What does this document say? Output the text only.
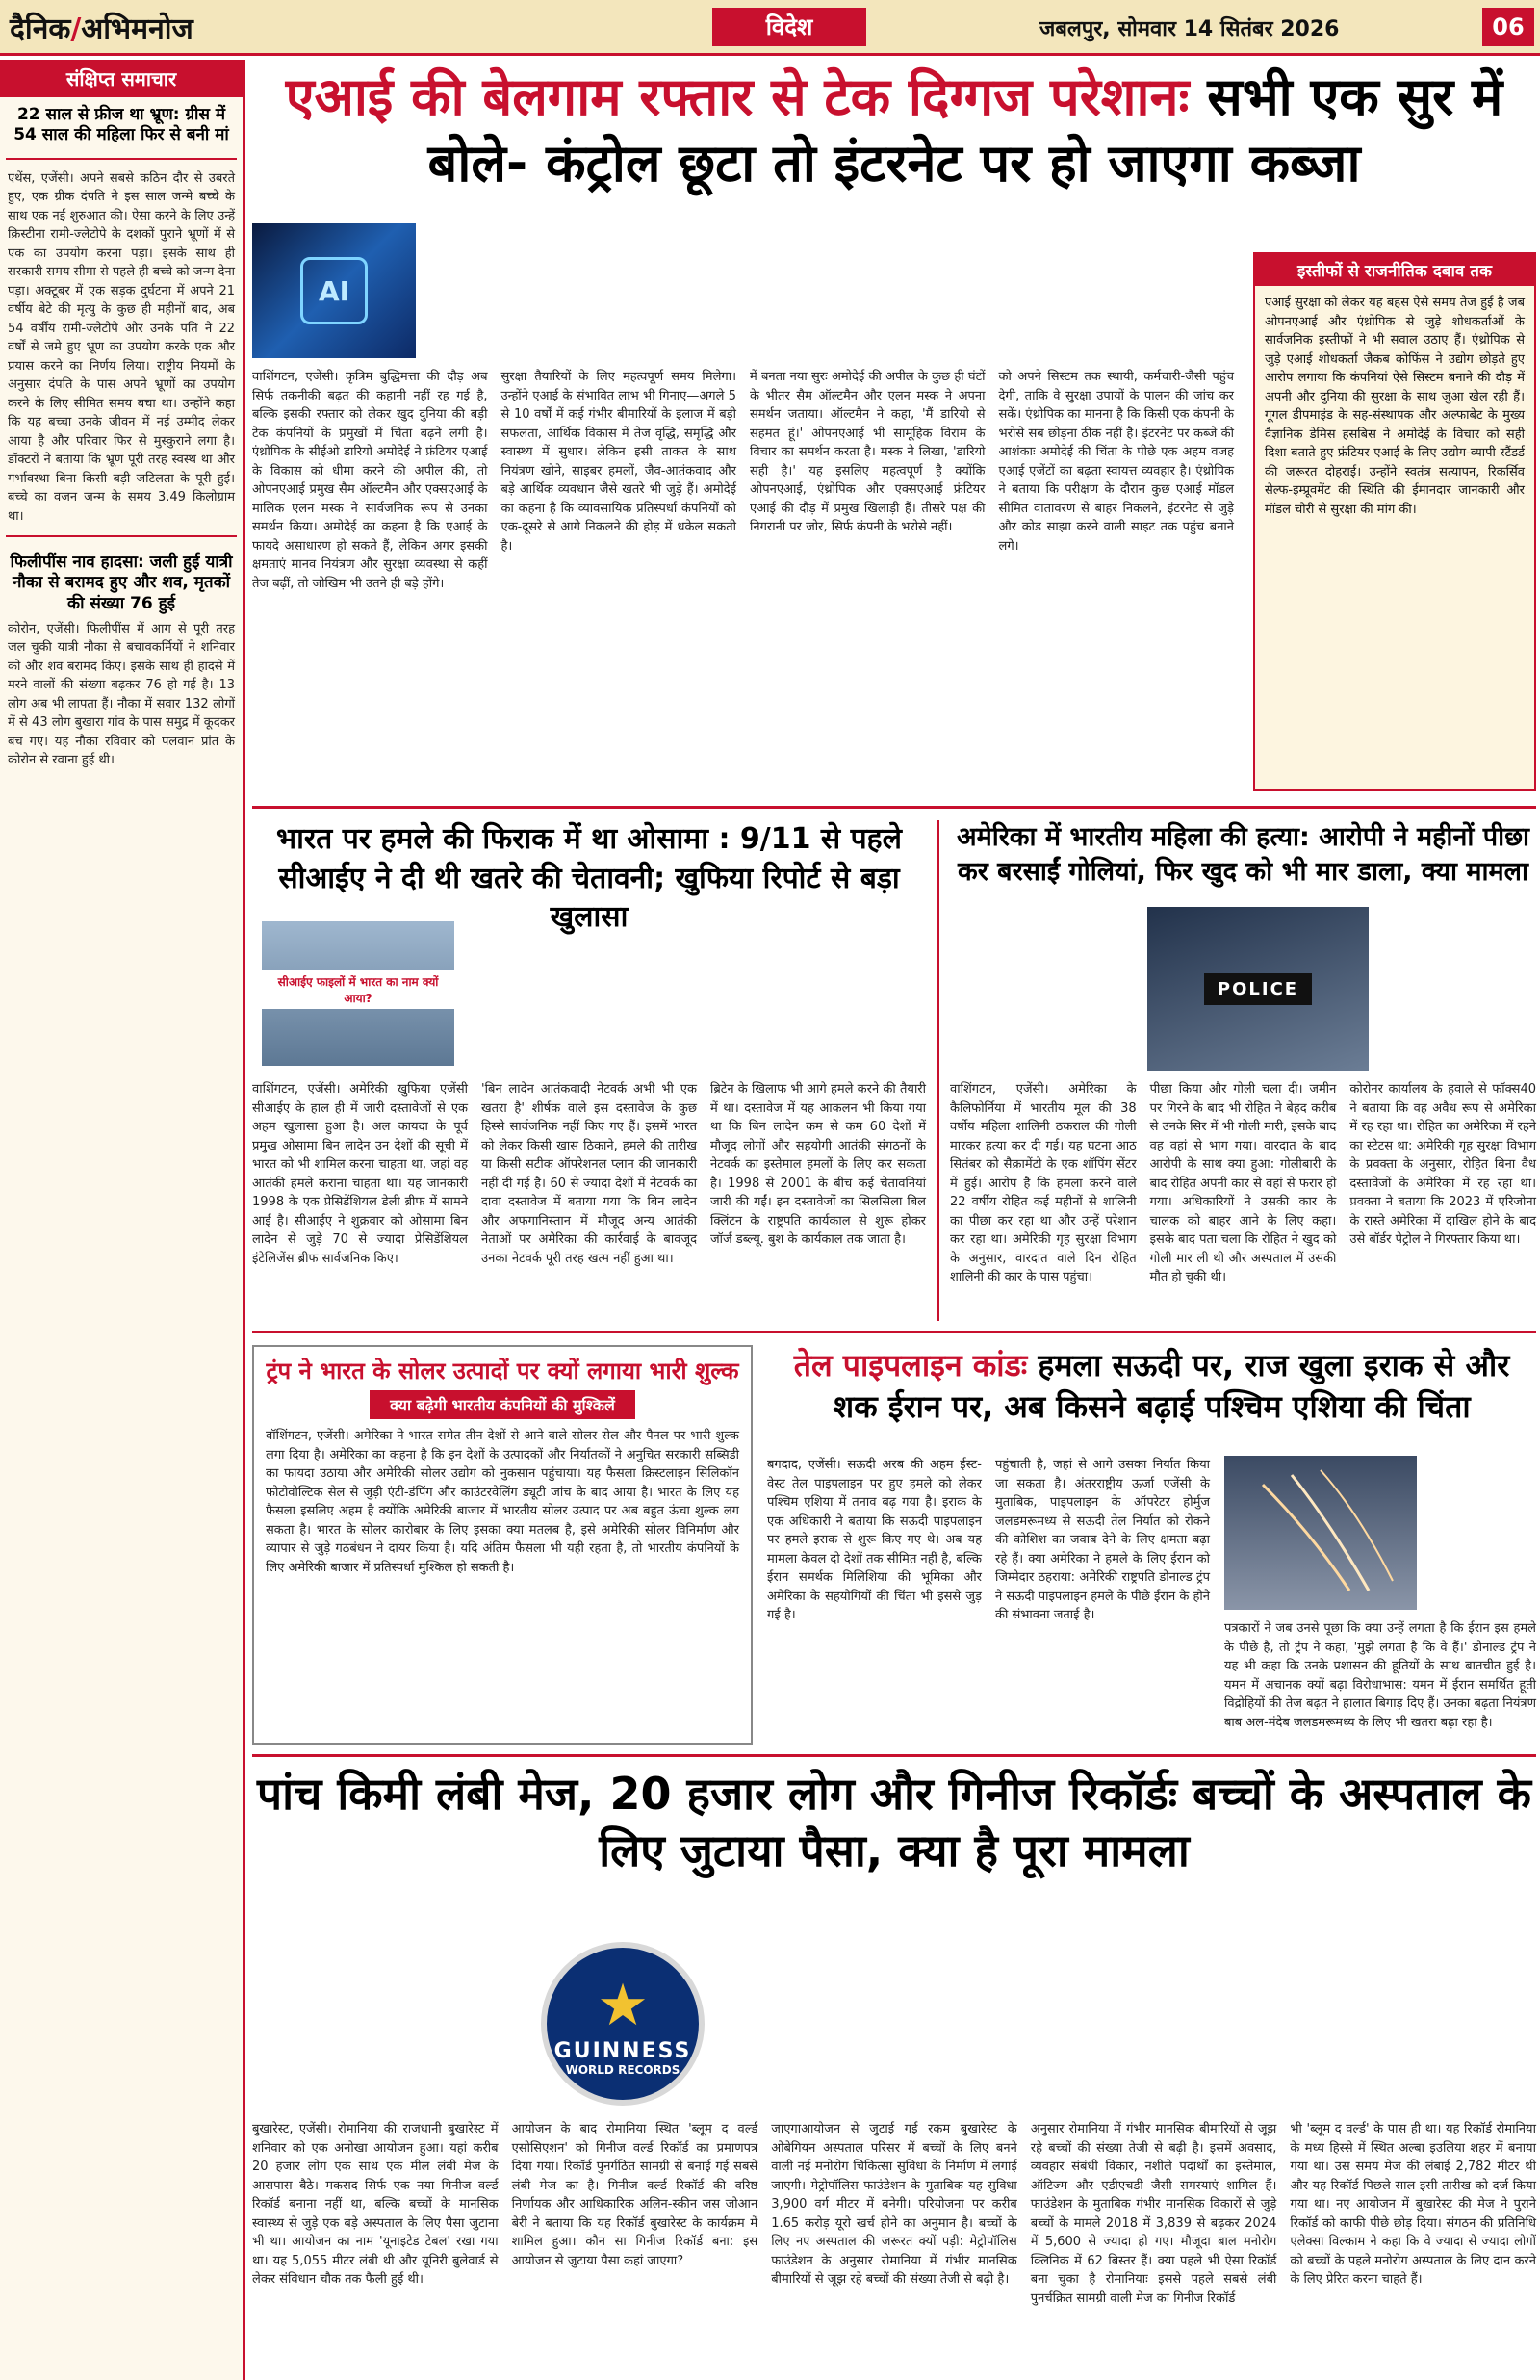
दैनिक/अभिमनोज	विदेश	जबलपुर, सोमवार 14 सितंबर 2026	06
संक्षिप्त समाचार
22 साल से फ्रीज था भ्रूण: ग्रीस में 54 साल की महिला फिर से बनी मां
एथेंस, एजेंसी। अपने सबसे कठिन दौर से उबरते हुए, एक ग्रीक दंपति ने इस साल जन्मे बच्चे के साथ एक नई शुरुआत की। ऐसा करने के लिए उन्हें क्रिस्टीना रामी-ज्लेटोपे के दशकों पुराने भ्रूणों में से एक का उपयोग करना पड़ा। इसके साथ ही सरकारी समय सीमा से पहले ही बच्चे को जन्म देना पड़ा। अक्टूबर में एक सड़क दुर्घटना में अपने 21 वर्षीय बेटे की मृत्यु के कुछ ही महीनों बाद, अब 54 वर्षीय रामी-ज्लेटोपे और उनके पति ने 22 वर्षों से जमे हुए भ्रूण का उपयोग करके एक और प्रयास करने का निर्णय लिया। राष्ट्रीय नियमों के अनुसार दंपति के पास अपने भ्रूणों का उपयोग करने के लिए सीमित समय बचा था। उन्होंने कहा कि यह बच्चा उनके जीवन में नई उम्मीद लेकर आया है और परिवार फिर से मुस्कुराने लगा है। डॉक्टरों ने बताया कि भ्रूण पूरी तरह स्वस्थ था और गर्भावस्था बिना किसी बड़ी जटिलता के पूरी हुई। बच्चे का वजन जन्म के समय 3.49 किलोग्राम था।
फिलीपींस नाव हादसा: जली हुई यात्री नौका से बरामद हुए और शव, मृतकों की संख्या 76 हुई
कोरोन, एजेंसी। फिलीपींस में आग से पूरी तरह जल चुकी यात्री नौका से बचावकर्मियों ने शनिवार को और शव बरामद किए। इसके साथ ही हादसे में मरने वालों की संख्या बढ़कर 76 हो गई है। 13 लोग अब भी लापता हैं। नौका में सवार 132 लोगों में से 43 लोग बुखारा गांव के पास समुद्र में कूदकर बच गए। यह नौका रविवार को पलवान प्रांत के कोरोन से रवाना हुई थी।
एआई की बेलगाम रफ्तार से टेक दिग्गज परेशानः सभी एक सुर में बोले- कंट्रोल छूटा तो इंटरनेट पर हो जाएगा कब्जा
AI
वाशिंगटन, एजेंसी। कृत्रिम बुद्धिमत्ता की दौड़ अब सिर्फ तकनीकी बढ़त की कहानी नहीं रह गई है, बल्कि इसकी रफ्तार को लेकर खुद दुनिया की बड़ी टेक कंपनियों के प्रमुखों में चिंता बढ़ने लगी है। एंथ्रोपिक के सीईओ डारियो अमोदेई ने फ्रंटियर एआई के विकास को धीमा करने की अपील की, तो ओपनएआई प्रमुख सैम ऑल्टमैन और एक्सएआई के मालिक एलन मस्क ने सार्वजनिक रूप से उनका समर्थन किया। अमोदेई का कहना है कि एआई के फायदे असाधारण हो सकते हैं, लेकिन अगर इसकी क्षमताएं मानव नियंत्रण और सुरक्षा व्यवस्था से कहीं तेज बढ़ीं, तो जोखिम भी उतने ही बड़े होंगे।
सुरक्षा तैयारियों के लिए महत्वपूर्ण समय मिलेगा। उन्होंने एआई के संभावित लाभ भी गिनाए—अगले 5 से 10 वर्षों में कई गंभीर बीमारियों के इलाज में बड़ी सफलता, आर्थिक विकास में तेज वृद्धि, समृद्धि और स्वास्थ्य में सुधार। लेकिन इसी ताकत के साथ नियंत्रण खोने, साइबर हमलों, जैव-आतंकवाद और बड़े आर्थिक व्यवधान जैसे खतरे भी जुड़े हैं। अमोदेई का कहना है कि व्यावसायिक प्रतिस्पर्धा कंपनियों को एक-दूसरे से आगे निकलने की होड़ में धकेल सकती है।
में बनता नया सुरः अमोदेई की अपील के कुछ ही घंटों के भीतर सैम ऑल्टमैन और एलन मस्क ने अपना समर्थन जताया। ऑल्टमैन ने कहा, 'मैं डारियो से सहमत हूं।' ओपनएआई भी सामूहिक विराम के विचार का समर्थन करता है। मस्क ने लिखा, 'डारियो सही है।' यह इसलिए महत्वपूर्ण है क्योंकि ओपनएआई, एंथ्रोपिक और एक्सएआई फ्रंटियर एआई की दौड़ में प्रमुख खिलाड़ी हैं। तीसरे पक्ष की निगरानी पर जोर, सिर्फ कंपनी के भरोसे नहीं।
को अपने सिस्टम तक स्थायी, कर्मचारी-जैसी पहुंच देगी, ताकि वे सुरक्षा उपायों के पालन की जांच कर सकें। एंथ्रोपिक का मानना है कि किसी एक कंपनी के भरोसे सब छोड़ना ठीक नहीं है। इंटरनेट पर कब्जे की आशंकाः अमोदेई की चिंता के पीछे एक अहम वजह एआई एजेंटों का बढ़ता स्वायत्त व्यवहार है। एंथ्रोपिक ने बताया कि परीक्षण के दौरान कुछ एआई मॉडल सीमित वातावरण से बाहर निकलने, इंटरनेट से जुड़े और कोड साझा करने वाली साइट तक पहुंच बनाने लगे।
इस्तीफों से राजनीतिक दबाव तक
एआई सुरक्षा को लेकर यह बहस ऐसे समय तेज हुई है जब ओपनएआई और एंथ्रोपिक से जुड़े शोधकर्ताओं के सार्वजनिक इस्तीफों ने भी सवाल उठाए हैं। एंथ्रोपिक से जुड़े एआई शोधकर्ता जैकब कोफिंस ने उद्योग छोड़ते हुए आरोप लगाया कि कंपनियां ऐसे सिस्टम बनाने की दौड़ में अपनी और दुनिया की सुरक्षा के साथ जुआ खेल रही हैं। गूगल डीपमाइंड के सह-संस्थापक और अल्फाबेट के मुख्य वैज्ञानिक डेमिस हसबिस ने अमोदेई के विचार को सही दिशा बताते हुए फ्रंटियर एआई के लिए उद्योग-व्यापी स्टैंडर्ड की जरूरत दोहराई। उन्होंने स्वतंत्र सत्यापन, रिकर्सिव सेल्फ-इम्प्रूवमेंट की स्थिति की ईमानदार जानकारी और मॉडल चोरी से सुरक्षा की मांग की।
भारत पर हमले की फिराक में था ओसामा : 9/11 से पहले सीआईए ने दी थी खतरे की चेतावनी; खुफिया रिपोर्ट से बड़ा खुलासा
सीआईए फाइलों में भारत का नाम क्यों आया?
वाशिंगटन, एजेंसी। अमेरिकी खुफिया एजेंसी सीआईए के हाल ही में जारी दस्तावेजों से एक अहम खुलासा हुआ है। अल कायदा के पूर्व प्रमुख ओसामा बिन लादेन उन देशों की सूची में भारत को भी शामिल करना चाहता था, जहां वह आतंकी हमले कराना चाहता था। यह जानकारी 1998 के एक प्रेसिडेंशियल डेली ब्रीफ में सामने आई है। सीआईए ने शुक्रवार को ओसामा बिन लादेन से जुड़े 70 से ज्यादा प्रेसिडेंशियल इंटेलिजेंस ब्रीफ सार्वजनिक किए।
'बिन लादेन आतंकवादी नेटवर्क अभी भी एक खतरा है' शीर्षक वाले इस दस्तावेज के कुछ हिस्से सार्वजनिक नहीं किए गए हैं। इसमें भारत को लेकर किसी खास ठिकाने, हमले की तारीख या किसी सटीक ऑपरेशनल प्लान की जानकारी नहीं दी गई है। 60 से ज्यादा देशों में नेटवर्क का दावा दस्तावेज में बताया गया कि बिन लादेन और अफगानिस्तान में मौजूद अन्य आतंकी नेताओं पर अमेरिका की कार्रवाई के बावजूद उनका नेटवर्क पूरी तरह खत्म नहीं हुआ था।
ब्रिटेन के खिलाफ भी आगे हमले करने की तैयारी में था। दस्तावेज में यह आकलन भी किया गया था कि बिन लादेन कम से कम 60 देशों में मौजूद लोगों और सहयोगी आतंकी संगठनों के नेटवर्क का इस्तेमाल हमलों के लिए कर सकता है। 1998 से 2001 के बीच कई चेतावनियां जारी की गईं। इन दस्तावेजों का सिलसिला बिल क्लिंटन के राष्ट्रपति कार्यकाल से शुरू होकर जॉर्ज डब्ल्यू. बुश के कार्यकाल तक जाता है।
अमेरिका में भारतीय महिला की हत्या: आरोपी ने महीनों पीछा कर बरसाईं गोलियां, फिर खुद को भी मार डाला, क्या मामला
POLICE
वाशिंगटन, एजेंसी। अमेरिका के कैलिफोर्निया में भारतीय मूल की 38 वर्षीय महिला शालिनी ठकराल की गोली मारकर हत्या कर दी गई। यह घटना आठ सितंबर को सैक्रामेंटो के एक शॉपिंग सेंटर में हुई। आरोप है कि हमला करने वाले 22 वर्षीय रोहित कई महीनों से शालिनी का पीछा कर रहा था और उन्हें परेशान कर रहा था। अमेरिकी गृह सुरक्षा विभाग के अनुसार, वारदात वाले दिन रोहित शालिनी की कार के पास पहुंचा।
पीछा किया और गोली चला दी। जमीन पर गिरने के बाद भी रोहित ने बेहद करीब से उनके सिर में भी गोली मारी, इसके बाद वह वहां से भाग गया। वारदात के बाद आरोपी के साथ क्या हुआ: गोलीबारी के बाद रोहित अपनी कार से वहां से फरार हो गया। अधिकारियों ने उसकी कार के चालक को बाहर आने के लिए कहा। इसके बाद पता चला कि रोहित ने खुद को गोली मार ली थी और अस्पताल में उसकी मौत हो चुकी थी।
कोरोनर कार्यालय के हवाले से फॉक्स40 ने बताया कि वह अवैध रूप से अमेरिका में रह रहा था। रोहित का अमेरिका में रहने का स्टेटस था: अमेरिकी गृह सुरक्षा विभाग के प्रवक्ता के अनुसार, रोहित बिना वैध दस्तावेजों के अमेरिका में रह रहा था। प्रवक्ता ने बताया कि 2023 में एरिजोना के रास्ते अमेरिका में दाखिल होने के बाद उसे बॉर्डर पेट्रोल ने गिरफ्तार किया था।
ट्रंप ने भारत के सोलर उत्पादों पर क्यों लगाया भारी शुल्क
क्या बढ़ेगी भारतीय कंपनियों की मुश्किलें
वॉशिंगटन, एजेंसी। अमेरिका ने भारत समेत तीन देशों से आने वाले सोलर सेल और पैनल पर भारी शुल्क लगा दिया है। अमेरिका का कहना है कि इन देशों के उत्पादकों और निर्यातकों ने अनुचित सरकारी सब्सिडी का फायदा उठाया और अमेरिकी सोलर उद्योग को नुकसान पहुंचाया। यह फैसला क्रिस्टलाइन सिलिकॉन फोटोवोल्टिक सेल से जुड़ी एंटी-डंपिंग और काउंटरवेलिंग ड्यूटी जांच के बाद आया है। भारत के लिए यह फैसला इसलिए अहम है क्योंकि अमेरिकी बाजार में भारतीय सोलर उत्पाद पर अब बहुत ऊंचा शुल्क लग सकता है। भारत के सोलर कारोबार के लिए इसका क्या मतलब है, इसे अमेरिकी सोलर विनिर्माण और व्यापार से जुड़े गठबंधन ने दायर किया है। यदि अंतिम फैसला भी यही रहता है, तो भारतीय कंपनियों के लिए अमेरिकी बाजार में प्रतिस्पर्धा मुश्किल हो सकती है।
तेल पाइपलाइन कांडः हमला सऊदी पर, राज खुला इराक से और शक ईरान पर, अब किसने बढ़ाई पश्चिम एशिया की चिंता
बगदाद, एजेंसी। सऊदी अरब की अहम ईस्ट-वेस्ट तेल पाइपलाइन पर हुए हमले को लेकर पश्चिम एशिया में तनाव बढ़ गया है। इराक के एक अधिकारी ने बताया कि सऊदी पाइपलाइन पर हमले इराक से शुरू किए गए थे। अब यह मामला केवल दो देशों तक सीमित नहीं है, बल्कि ईरान समर्थक मिलिशिया की भूमिका और अमेरिका के सहयोगियों की चिंता भी इससे जुड़ गई है।
पहुंचाती है, जहां से आगे उसका निर्यात किया जा सकता है। अंतरराष्ट्रीय ऊर्जा एजेंसी के मुताबिक, पाइपलाइन के ऑपरेटर होर्मुज जलडमरूमध्य से सऊदी तेल निर्यात को रोकने की कोशिश का जवाब देने के लिए क्षमता बढ़ा रहे हैं। क्या अमेरिका ने हमले के लिए ईरान को जिम्मेदार ठहराया: अमेरिकी राष्ट्रपति डोनाल्ड ट्रंप ने सऊदी पाइपलाइन हमले के पीछे ईरान के होने की संभावना जताई है।
पत्रकारों ने जब उनसे पूछा कि क्या उन्हें लगता है कि ईरान इस हमले के पीछे है, तो ट्रंप ने कहा, 'मुझे लगता है कि वे हैं।' डोनाल्ड ट्रंप ने यह भी कहा कि उनके प्रशासन की हूतियों के साथ बातचीत हुई है। यमन में अचानक क्यों बढ़ा विरोधाभास: यमन में ईरान समर्थित हूती विद्रोहियों की तेज बढ़त ने हालात बिगाड़ दिए हैं। उनका बढ़ता नियंत्रण बाब अल-मंदेब जलडमरूमध्य के लिए भी खतरा बढ़ा रहा है।
पांच किमी लंबी मेज, 20 हजार लोग और गिनीज रिकॉर्डः बच्चों के अस्पताल के लिए जुटाया पैसा, क्या है पूरा मामला
★
GUINNESS
WORLD RECORDS
बुखारेस्ट, एजेंसी। रोमानिया की राजधानी बुखारेस्ट में शनिवार को एक अनोखा आयोजन हुआ। यहां करीब 20 हजार लोग एक साथ एक मील लंबी मेज के आसपास बैठे। मकसद सिर्फ एक नया गिनीज वर्ल्ड रिकॉर्ड बनाना नहीं था, बल्कि बच्चों के मानसिक स्वास्थ्य से जुड़े एक बड़े अस्पताल के लिए पैसा जुटाना भी था। आयोजन का नाम 'यूनाइटेड टेबल' रखा गया था। यह 5,055 मीटर लंबी थी और यूनिरी बुलेवार्ड से लेकर संविधान चौक तक फैली हुई थी।
आयोजन के बाद रोमानिया स्थित 'ब्लूम द वर्ल्ड एसोसिएशन' को गिनीज वर्ल्ड रिकॉर्ड का प्रमाणपत्र दिया गया। रिकॉर्ड पुनर्गठित सामग्री से बनाई गई सबसे लंबी मेज का है। गिनीज वर्ल्ड रिकॉर्ड की वरिष्ठ निर्णायक और आधिकारिक अलिन-स्कीन जस जोआन बेरी ने बताया कि यह रिकॉर्ड बुखारेस्ट के कार्यक्रम में शामिल हुआ। कौन सा गिनीज रिकॉर्ड बना: इस आयोजन से जुटाया पैसा कहां जाएगा?
जाएगाआयोजन से जुटाई गई रकम बुखारेस्ट के ओबेगियन अस्पताल परिसर में बच्चों के लिए बनने वाली नई मनोरोग चिकित्सा सुविधा के निर्माण में लगाई जाएगी। मेट्रोपॉलिस फाउंडेशन के मुताबिक यह सुविधा 3,900 वर्ग मीटर में बनेगी। परियोजना पर करीब 1.65 करोड़ यूरो खर्च होने का अनुमान है। बच्चों के लिए नए अस्पताल की जरूरत क्यों पड़ी: मेट्रोपॉलिस फाउंडेशन के अनुसार रोमानिया में गंभीर मानसिक बीमारियों से जूझ रहे बच्चों की संख्या तेजी से बढ़ी है।
अनुसार रोमानिया में गंभीर मानसिक बीमारियों से जूझ रहे बच्चों की संख्या तेजी से बढ़ी है। इसमें अवसाद, व्यवहार संबंधी विकार, नशीले पदार्थों का इस्तेमाल, ऑटिज्म और एडीएचडी जैसी समस्याएं शामिल हैं। फाउंडेशन के मुताबिक गंभीर मानसिक विकारों से जुड़े बच्चों के मामले 2018 में 3,839 से बढ़कर 2024 में 5,600 से ज्यादा हो गए। मौजूदा बाल मनोरोग क्लिनिक में 62 बिस्तर हैं। क्या पहले भी ऐसा रिकॉर्ड बना चुका है रोमानियाः इससे पहले सबसे लंबी पुनर्चक्रित सामग्री वाली मेज का गिनीज रिकॉर्ड
भी 'ब्लूम द वर्ल्ड' के पास ही था। यह रिकॉर्ड रोमानिया के मध्य हिस्से में स्थित अल्बा इउलिया शहर में बनाया गया था। उस समय मेज की लंबाई 2,782 मीटर थी और यह रिकॉर्ड पिछले साल इसी तारीख को दर्ज किया गया था। नए आयोजन में बुखारेस्ट की मेज ने पुराने रिकॉर्ड को काफी पीछे छोड़ दिया। संगठन की प्रतिनिधि एलेक्सा विल्काम ने कहा कि वे ज्यादा से ज्यादा लोगों को बच्चों के पहले मनोरोग अस्पताल के लिए दान करने के लिए प्रेरित करना चाहते हैं।
